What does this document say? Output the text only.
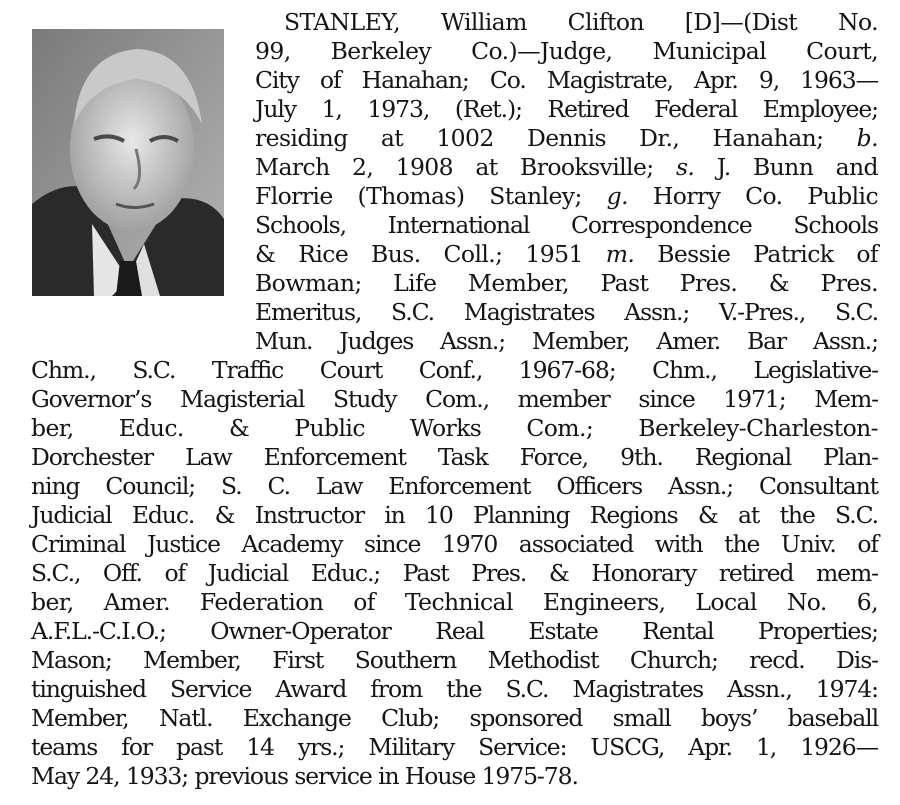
STANLEY, William Clifton [D]—(Dist No.
99, Berkeley Co.)—Judge, Municipal Court,
City of Hanahan; Co. Magistrate, Apr. 9, 1963—
July 1, 1973, (Ret.); Retired Federal Employee;
residing at 1002 Dennis Dr., Hanahan; b.
March 2, 1908 at Brooksville; s. J. Bunn and
Florrie (Thomas) Stanley; g. Horry Co. Public
Schools, International Correspondence Schools
& Rice Bus. Coll.; 1951 m. Bessie Patrick of
Bowman; Life Member, Past Pres. & Pres.
Emeritus, S.C. Magistrates Assn.; V.-Pres., S.C.
Mun. Judges Assn.; Member, Amer. Bar Assn.;
Chm., S.C. Traffic Court Conf., 1967-68; Chm., Legislative-
Governor’s Magisterial Study Com., member since 1971; Mem-
ber, Educ. & Public Works Com.; Berkeley-Charleston-
Dorchester Law Enforcement Task Force, 9th. Regional Plan-
ning Council; S. C. Law Enforcement Officers Assn.; Consultant
Judicial Educ. & Instructor in 10 Planning Regions & at the S.C.
Criminal Justice Academy since 1970 associated with the Univ. of
S.C., Off. of Judicial Educ.; Past Pres. & Honorary retired mem-
ber, Amer. Federation of Technical Engineers, Local No. 6,
A.F.L.-C.I.O.; Owner-Operator Real Estate Rental Properties;
Mason; Member, First Southern Methodist Church; recd. Dis-
tinguished Service Award from the S.C. Magistrates Assn., 1974:
Member, Natl. Exchange Club; sponsored small boys’ baseball
teams for past 14 yrs.; Military Service: USCG, Apr. 1, 1926—
May 24, 1933; previous service in House 1975-78.
